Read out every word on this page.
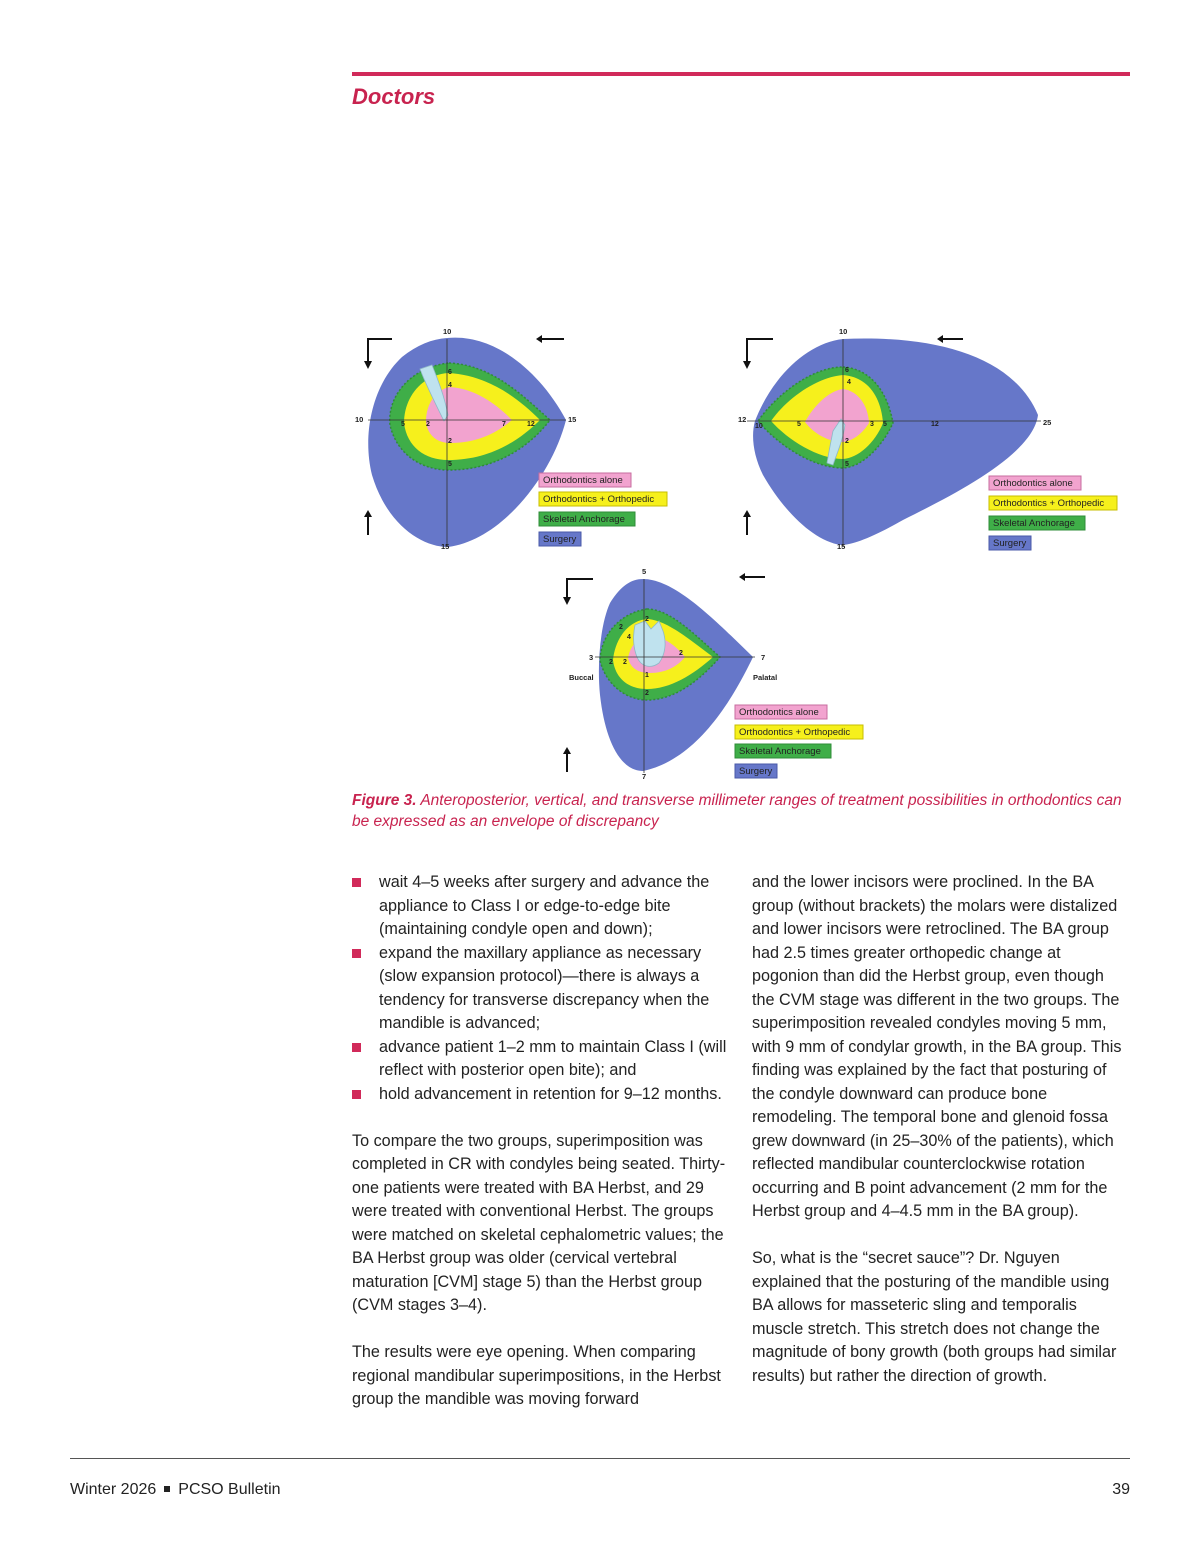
Doctors
10
15
10	15
6
4
5	2	7	12
2
5
Orthodontics alone
Orthodontics + Orthopedic
Skeletal Anchorage
Surgery
10
15
12	25
10	5	3 5	12
6
4
2
5
Orthodontics alone
Orthodontics + Orthopedic
Skeletal Anchorage
Surgery
5
7
3	7
Buccal	Palatal
2
2
4
2 2
2
1
2
Orthodontics alone
Orthodontics + Orthopedic
Skeletal Anchorage
Surgery
Figure 3. Anteroposterior, vertical, and transverse millimeter ranges of treatment possibilities in orthodontics can be expressed as an envelope of discrepancy
wait 4–5 weeks after surgery and advance the appliance to Class I or edge-to-edge bite (maintaining condyle open and down);
expand the maxillary appliance as necessary (slow expansion protocol)—there is always a tendency for transverse discrepancy when the mandible is advanced;
advance patient 1–2 mm to maintain Class I (will reflect with posterior open bite); and
hold advancement in retention for 9–12 months.

To compare the two groups, superimposition was completed in CR with condyles being seated. Thirty-one patients were treated with BA Herbst, and 29 were treated with conventional Herbst. The groups were matched on skeletal cephalometric values; the BA Herbst group was older (cervical vertebral maturation [CVM] stage 5) than the Herbst group (CVM stages 3–4).

The results were eye opening. When comparing regional mandibular superimpositions, in the Herbst group the mandible was moving forward

and the lower incisors were proclined. In the BA group (without brackets) the molars were distalized and lower incisors were retroclined. The BA group had 2.5 times greater orthopedic change at pogonion than did the Herbst group, even though the CVM stage was different in the two groups. The superimposition revealed condyles moving 5 mm, with 9 mm of condylar growth, in the BA group. This finding was explained by the fact that posturing of the condyle downward can produce bone remodeling. The temporal bone and glenoid fossa grew downward (in 25–30% of the patients), which reflected mandibular counterclockwise rotation occurring and B point advancement (2 mm for the Herbst group and 4–4.5 mm in the BA group).

So, what is the “secret sauce”? Dr. Nguyen explained that the posturing of the mandible using BA allows for masseteric sling and temporalis muscle stretch. This stretch does not change the magnitude of bony growth (both groups had similar results) but rather the direction of growth.

Winter 2026 PCSO Bulletin	39
